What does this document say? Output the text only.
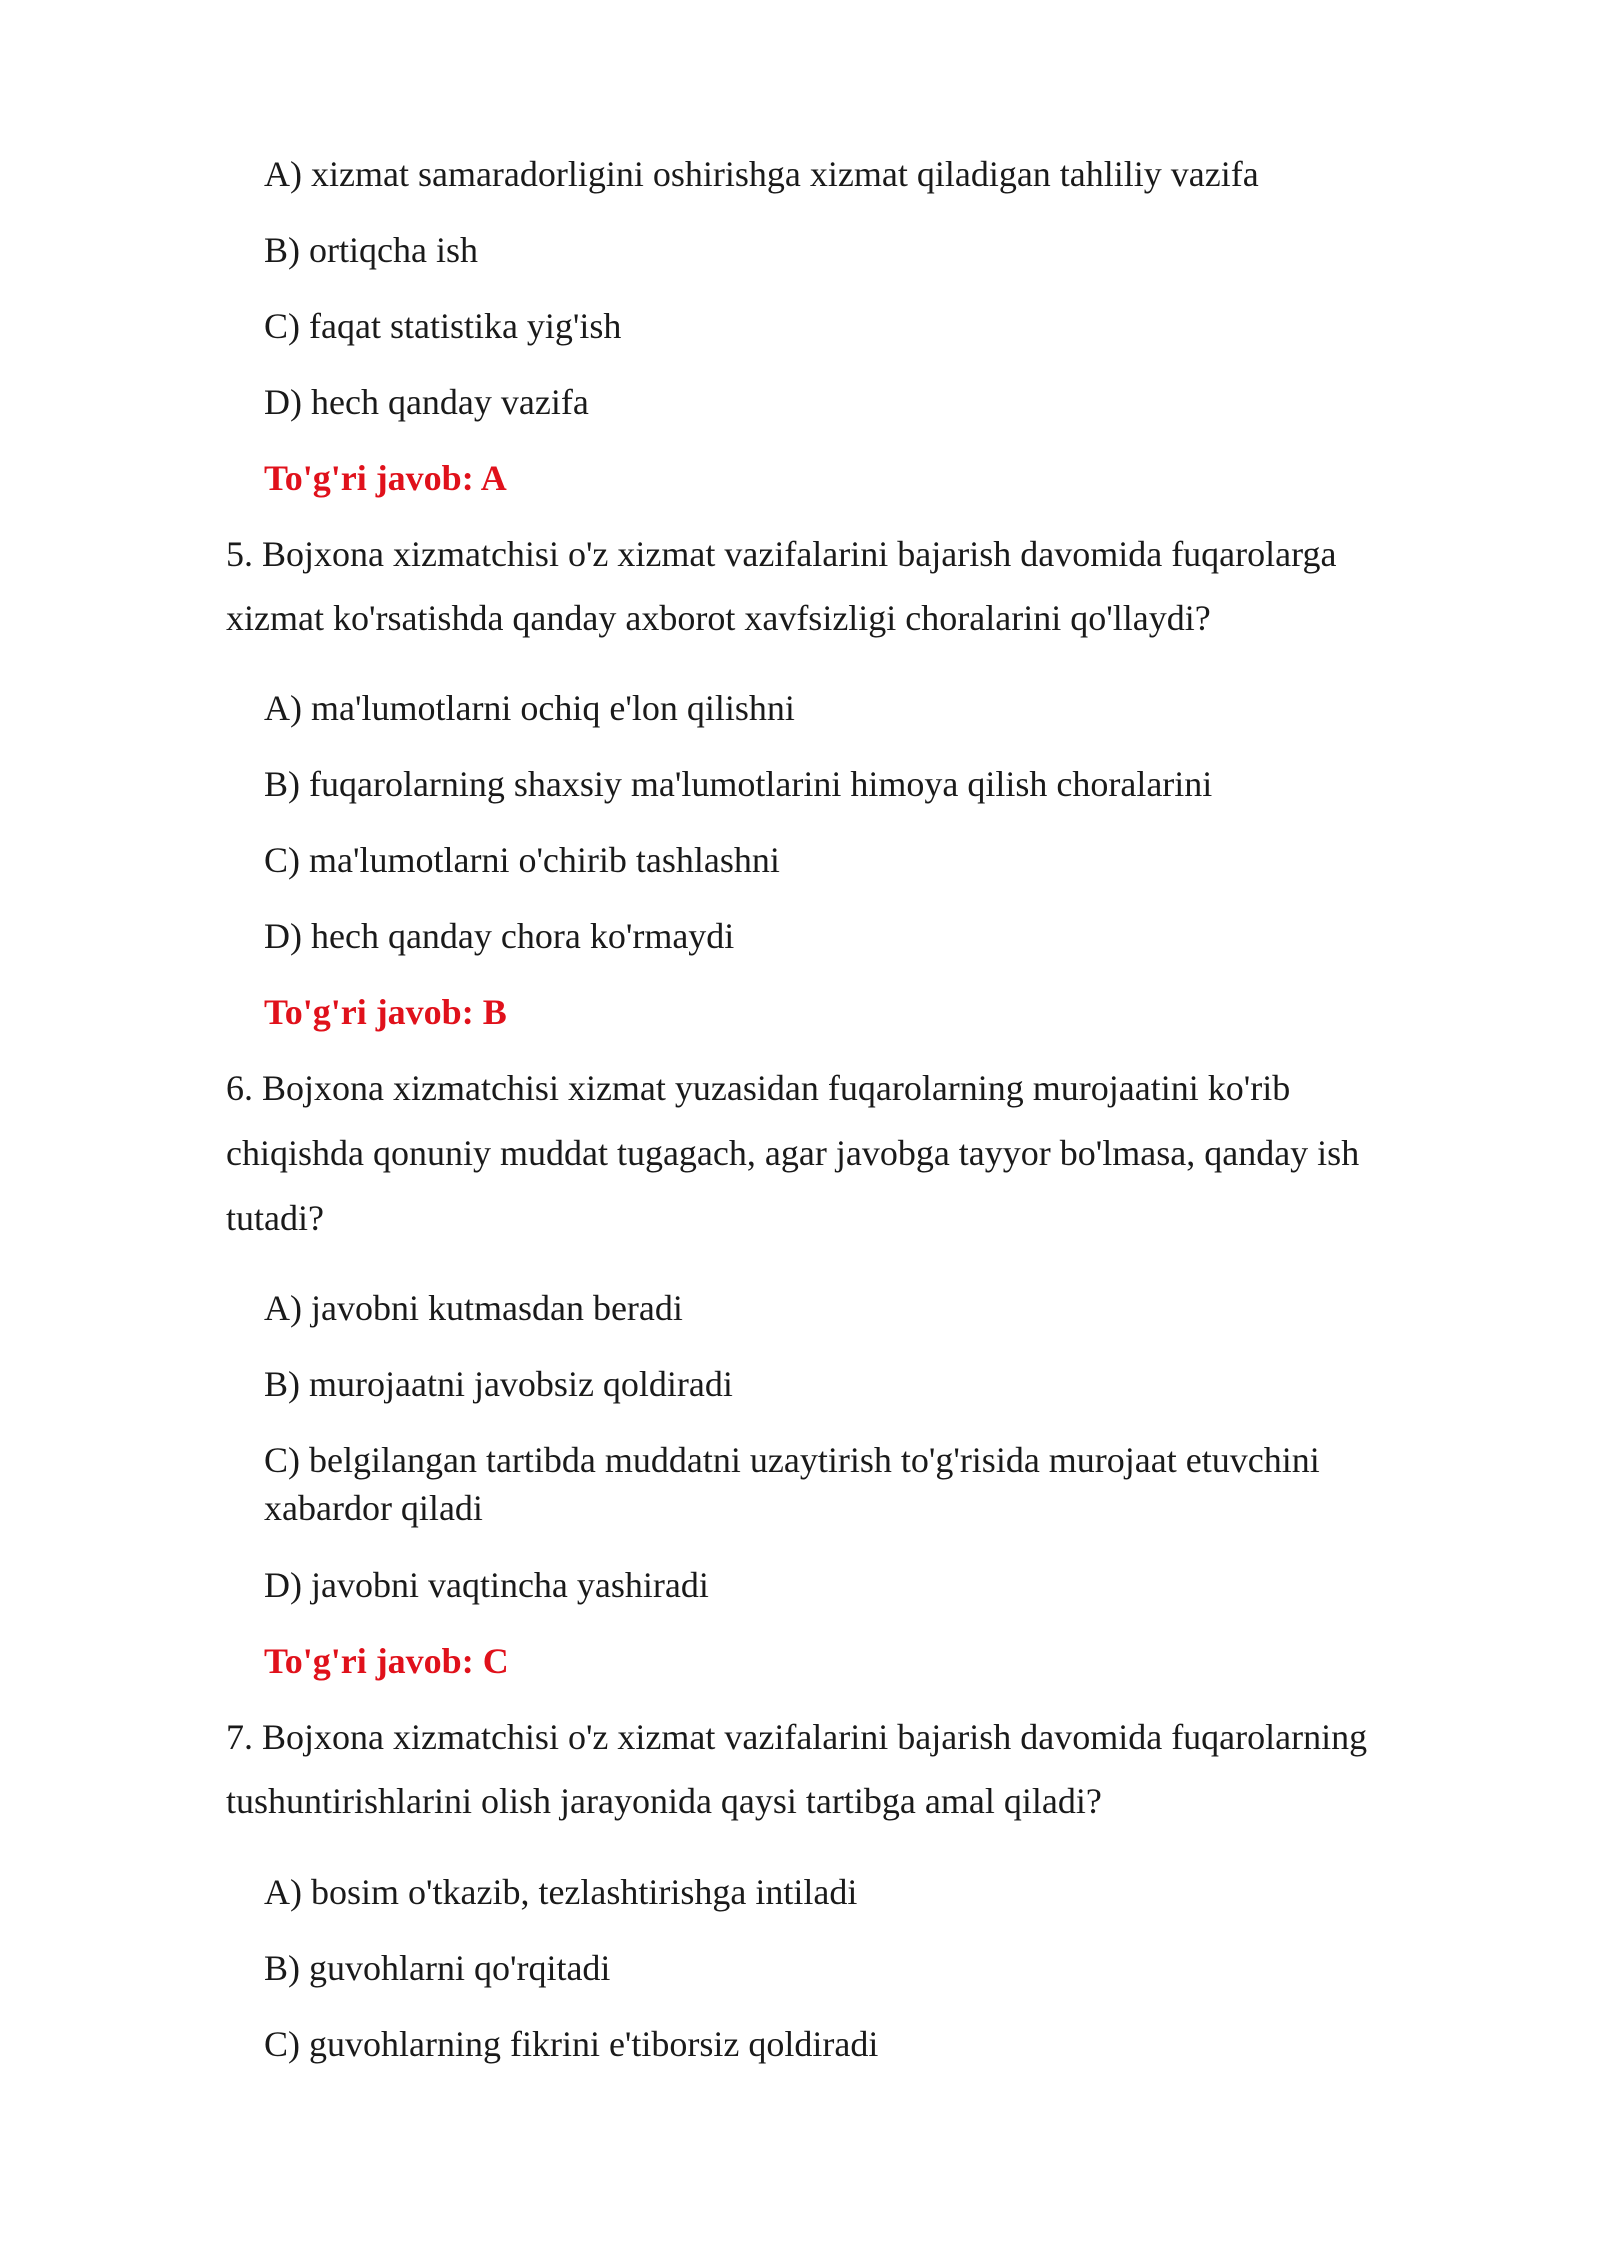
A) xizmat samaradorligini oshirishga xizmat qiladigan tahliliy vazifa
B) ortiqcha ish
C) faqat statistika yig'ish
D) hech qanday vazifa
To'g'ri javob: A
5. Bojxona xizmatchisi o'z xizmat vazifalarini bajarish davomida fuqarolarga
xizmat ko'rsatishda qanday axborot xavfsizligi choralarini qo'llaydi?
A) ma'lumotlarni ochiq e'lon qilishni
B) fuqarolarning shaxsiy ma'lumotlarini himoya qilish choralarini
C) ma'lumotlarni o'chirib tashlashni
D) hech qanday chora ko'rmaydi
To'g'ri javob: B
6. Bojxona xizmatchisi xizmat yuzasidan fuqarolarning murojaatini ko'rib
chiqishda qonuniy muddat tugagach, agar javobga tayyor bo'lmasa, qanday ish
tutadi?
A) javobni kutmasdan beradi
B) murojaatni javobsiz qoldiradi
C) belgilangan tartibda muddatni uzaytirish to'g'risida murojaat etuvchini
xabardor qiladi
D) javobni vaqtincha yashiradi
To'g'ri javob: C
7. Bojxona xizmatchisi o'z xizmat vazifalarini bajarish davomida fuqarolarning
tushuntirishlarini olish jarayonida qaysi tartibga amal qiladi?
A) bosim o'tkazib, tezlashtirishga intiladi
B) guvohlarni qo'rqitadi
C) guvohlarning fikrini e'tiborsiz qoldiradi
